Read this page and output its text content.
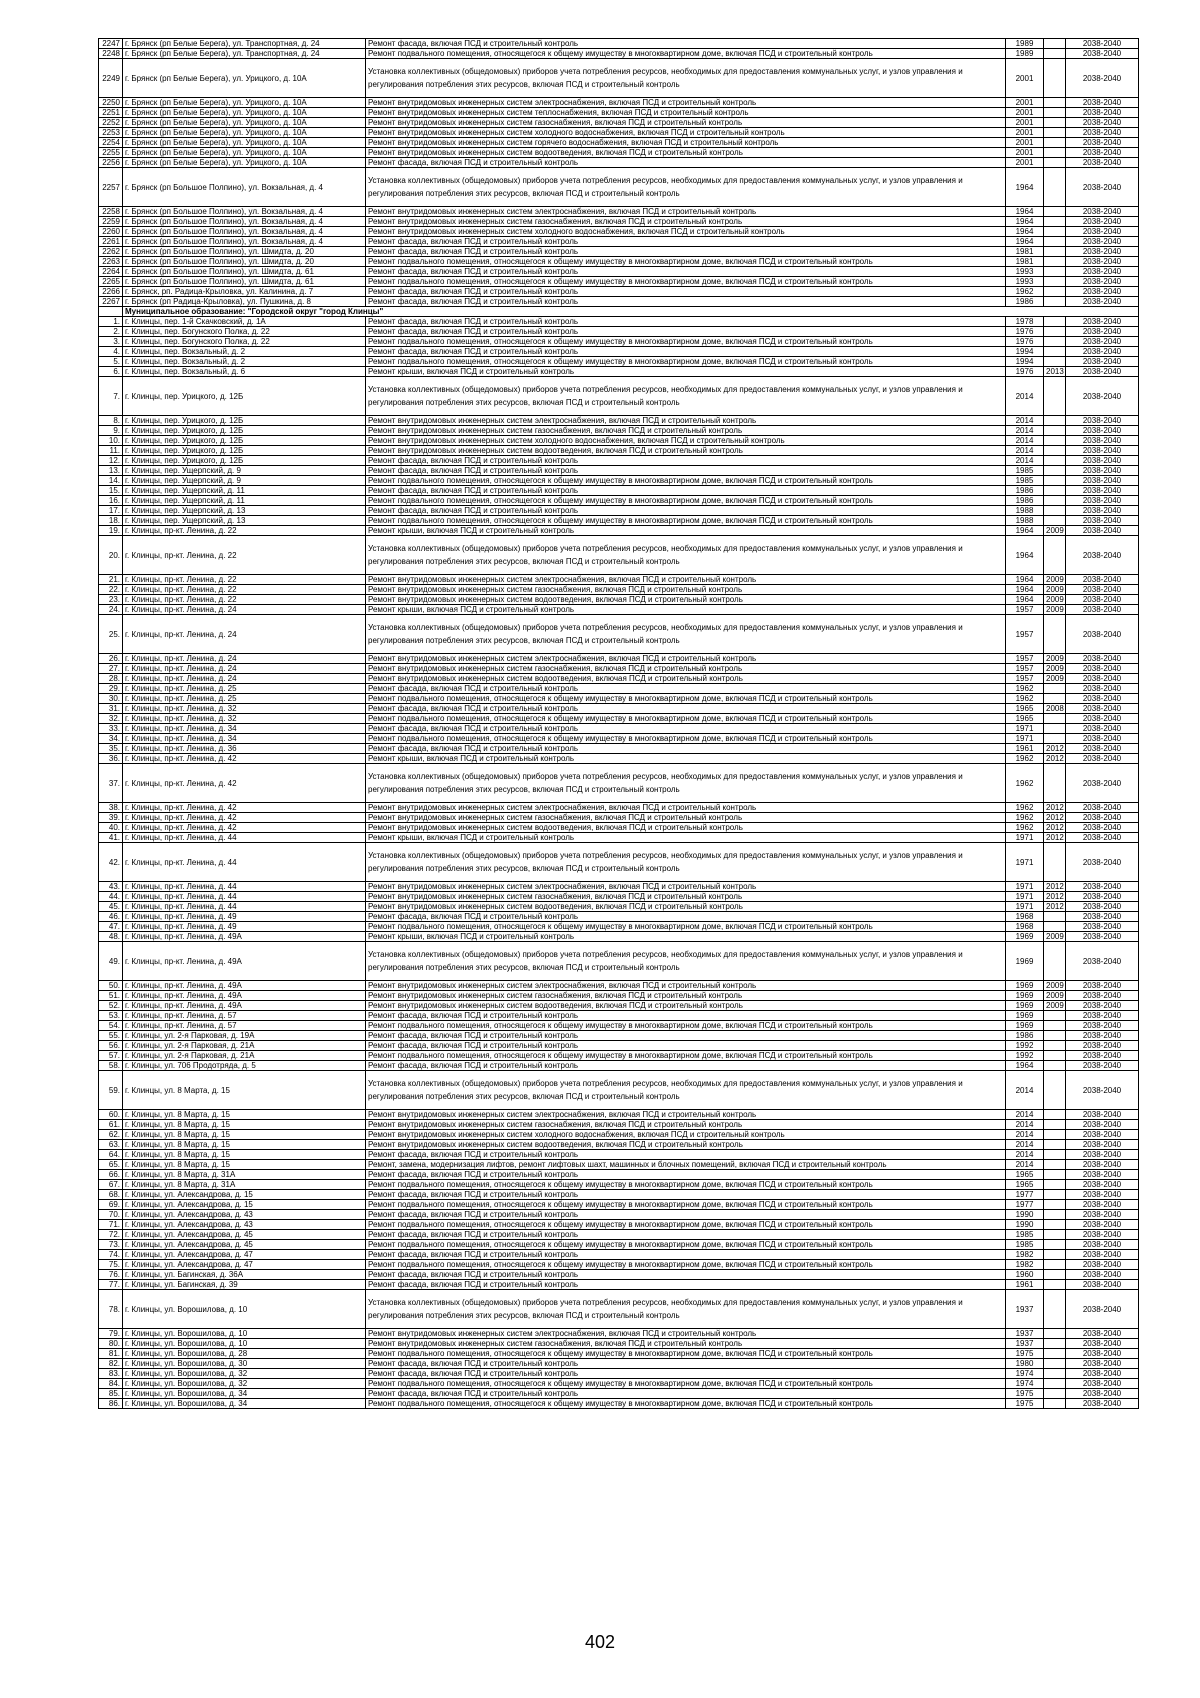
2247	г. Брянск (рп Белые Берега), ул. Транспортная, д. 24	Ремонт фасада, включая ПСД и строительный контроль	1989		2038-2040
2248	г. Брянск (рп Белые Берега), ул. Транспортная, д. 24	Ремонт подвального помещения, относящегося к общему имуществу в многоквартирном доме, включая ПСД и строительный контроль	1989		2038-2040
2249	г. Брянск (рп Белые Берега), ул. Урицкого, д. 10А	Установка коллективных (общедомовых) приборов учета потребления ресурсов, необходимых для предоставления коммунальных услуг, и узлов управления и регулирования потребления этих ресурсов, включая ПСД и строительный контроль	2001		2038-2040
2250	г. Брянск (рп Белые Берега), ул. Урицкого, д. 10А	Ремонт внутридомовых инженерных систем электроснабжения, включая ПСД и строительный контроль	2001		2038-2040
2251	г. Брянск (рп Белые Берега), ул. Урицкого, д. 10А	Ремонт внутридомовых инженерных систем теплоснабжения, включая ПСД и строительный контроль	2001		2038-2040
2252	г. Брянск (рп Белые Берега), ул. Урицкого, д. 10А	Ремонт внутридомовых инженерных систем газоснабжения, включая ПСД и строительный контроль	2001		2038-2040
2253	г. Брянск (рп Белые Берега), ул. Урицкого, д. 10А	Ремонт внутридомовых инженерных систем холодного водоснабжения, включая ПСД и строительный контроль	2001		2038-2040
2254	г. Брянск (рп Белые Берега), ул. Урицкого, д. 10А	Ремонт внутридомовых инженерных систем горячего водоснабжения, включая ПСД и строительный контроль	2001		2038-2040
2255	г. Брянск (рп Белые Берега), ул. Урицкого, д. 10А	Ремонт внутридомовых инженерных систем водоотведения, включая ПСД и строительный контроль	2001		2038-2040
2256	г. Брянск (рп Белые Берега), ул. Урицкого, д. 10А	Ремонт фасада, включая ПСД и строительный контроль	2001		2038-2040
2257	г. Брянск (рп Большое Полпино), ул. Вокзальная, д. 4	Установка коллективных (общедомовых) приборов учета потребления ресурсов, необходимых для предоставления коммунальных услуг, и узлов управления и регулирования потребления этих ресурсов, включая ПСД и строительный контроль	1964		2038-2040
2258	г. Брянск (рп Большое Полпино), ул. Вокзальная, д. 4	Ремонт внутридомовых инженерных систем электроснабжения, включая ПСД и строительный контроль	1964		2038-2040
2259	г. Брянск (рп Большое Полпино), ул. Вокзальная, д. 4	Ремонт внутридомовых инженерных систем газоснабжения, включая ПСД и строительный контроль	1964		2038-2040
2260	г. Брянск (рп Большое Полпино), ул. Вокзальная, д. 4	Ремонт внутридомовых инженерных систем холодного водоснабжения, включая ПСД и строительный контроль	1964		2038-2040
2261	г. Брянск (рп Большое Полпино), ул. Вокзальная, д. 4	Ремонт фасада, включая ПСД и строительный контроль	1964		2038-2040
2262	г. Брянск (рп Большое Полпино), ул. Шмидта, д. 20	Ремонт фасада, включая ПСД и строительный контроль	1981		2038-2040
2263	г. Брянск (рп Большое Полпино), ул. Шмидта, д. 20	Ремонт подвального помещения, относящегося к общему имуществу в многоквартирном доме, включая ПСД и строительный контроль	1981		2038-2040
2264	г. Брянск (рп Большое Полпино), ул. Шмидта, д. 61	Ремонт фасада, включая ПСД и строительный контроль	1993		2038-2040
2265	г. Брянск (рп Большое Полпино), ул. Шмидта, д. 61	Ремонт подвального помещения, относящегося к общему имуществу в многоквартирном доме, включая ПСД и строительный контроль	1993		2038-2040
2266	г. Брянск, рп. Радица-Крыловка, ул. Калинина, д. 7	Ремонт фасада, включая ПСД и строительный контроль	1962		2038-2040
2267	г. Брянск (рп Радица-Крыловка), ул. Пушкина, д. 8	Ремонт фасада, включая ПСД и строительный контроль	1986		2038-2040
	Муниципальное образование: "Городской округ "город Клинцы"				
1.	г. Клинцы, пер. 1-й Скачковский, д. 1А	Ремонт фасада, включая ПСД и строительный контроль	1978		2038-2040
2.	г. Клинцы, пер. Богунского Полка, д. 22	Ремонт фасада, включая ПСД и строительный контроль	1976		2038-2040
3.	г. Клинцы, пер. Богунского Полка, д. 22	Ремонт подвального помещения, относящегося к общему имуществу в многоквартирном доме, включая ПСД и строительный контроль	1976		2038-2040
4.	г. Клинцы, пер. Вокзальный, д. 2	Ремонт фасада, включая ПСД и строительный контроль	1994		2038-2040
5.	г. Клинцы, пер. Вокзальный, д. 2	Ремонт подвального помещения, относящегося к общему имуществу в многоквартирном доме, включая ПСД и строительный контроль	1994		2038-2040
6.	г. Клинцы, пер. Вокзальный, д. 6	Ремонт крыши, включая ПСД и строительный контроль	1976	2013	2038-2040
7.	г. Клинцы, пер. Урицкого, д. 12Б	Установка коллективных (общедомовых) приборов учета потребления ресурсов, необходимых для предоставления коммунальных услуг, и узлов управления и регулирования потребления этих ресурсов, включая ПСД и строительный контроль	2014		2038-2040
8.	г. Клинцы, пер. Урицкого, д. 12Б	Ремонт внутридомовых инженерных систем электроснабжения, включая ПСД и строительный контроль	2014		2038-2040
9.	г. Клинцы, пер. Урицкого, д. 12Б	Ремонт внутридомовых инженерных систем газоснабжения, включая ПСД и строительный контроль	2014		2038-2040
10.	г. Клинцы, пер. Урицкого, д. 12Б	Ремонт внутридомовых инженерных систем холодного водоснабжения, включая ПСД и строительный контроль	2014		2038-2040
11.	г. Клинцы, пер. Урицкого, д. 12Б	Ремонт внутридомовых инженерных систем водоотведения, включая ПСД и строительный контроль	2014		2038-2040
12.	г. Клинцы, пер. Урицкого, д. 12Б	Ремонт фасада, включая ПСД и строительный контроль	2014		2038-2040
13.	г. Клинцы, пер. Ущерпский, д. 9	Ремонт фасада, включая ПСД и строительный контроль	1985		2038-2040
14.	г. Клинцы, пер. Ущерпский, д. 9	Ремонт подвального помещения, относящегося к общему имуществу в многоквартирном доме, включая ПСД и строительный контроль	1985		2038-2040
15.	г. Клинцы, пер. Ущерпский, д. 11	Ремонт фасада, включая ПСД и строительный контроль	1986		2038-2040
16.	г. Клинцы, пер. Ущерпский, д. 11	Ремонт подвального помещения, относящегося к общему имуществу в многоквартирном доме, включая ПСД и строительный контроль	1986		2038-2040
17.	г. Клинцы, пер. Ущерпский, д. 13	Ремонт фасада, включая ПСД и строительный контроль	1988		2038-2040
18.	г. Клинцы, пер. Ущерпский, д. 13	Ремонт подвального помещения, относящегося к общему имуществу в многоквартирном доме, включая ПСД и строительный контроль	1988		2038-2040
19.	г. Клинцы, пр-кт. Ленина, д. 22	Ремонт крыши, включая ПСД и строительный контроль	1964	2009	2038-2040
20.	г. Клинцы, пр-кт. Ленина, д. 22	Установка коллективных (общедомовых) приборов учета потребления ресурсов, необходимых для предоставления коммунальных услуг, и узлов управления и регулирования потребления этих ресурсов, включая ПСД и строительный контроль	1964		2038-2040
21.	г. Клинцы, пр-кт. Ленина, д. 22	Ремонт внутридомовых инженерных систем электроснабжения, включая ПСД и строительный контроль	1964	2009	2038-2040
22.	г. Клинцы, пр-кт. Ленина, д. 22	Ремонт внутридомовых инженерных систем газоснабжения, включая ПСД и строительный контроль	1964	2009	2038-2040
23.	г. Клинцы, пр-кт. Ленина, д. 22	Ремонт внутридомовых инженерных систем водоотведения, включая ПСД и строительный контроль	1964	2009	2038-2040
24.	г. Клинцы, пр-кт. Ленина, д. 24	Ремонт крыши, включая ПСД и строительный контроль	1957	2009	2038-2040
25.	г. Клинцы, пр-кт. Ленина, д. 24	Установка коллективных (общедомовых) приборов учета потребления ресурсов, необходимых для предоставления коммунальных услуг, и узлов управления и регулирования потребления этих ресурсов, включая ПСД и строительный контроль	1957		2038-2040
26.	г. Клинцы, пр-кт. Ленина, д. 24	Ремонт внутридомовых инженерных систем электроснабжения, включая ПСД и строительный контроль	1957	2009	2038-2040
27.	г. Клинцы, пр-кт. Ленина, д. 24	Ремонт внутридомовых инженерных систем газоснабжения, включая ПСД и строительный контроль	1957	2009	2038-2040
28.	г. Клинцы, пр-кт. Ленина, д. 24	Ремонт внутридомовых инженерных систем водоотведения, включая ПСД и строительный контроль	1957	2009	2038-2040
29.	г. Клинцы, пр-кт. Ленина, д. 25	Ремонт фасада, включая ПСД и строительный контроль	1962		2038-2040
30.	г. Клинцы, пр-кт. Ленина, д. 25	Ремонт подвального помещения, относящегося к общему имуществу в многоквартирном доме, включая ПСД и строительный контроль	1962		2038-2040
31.	г. Клинцы, пр-кт. Ленина, д. 32	Ремонт фасада, включая ПСД и строительный контроль	1965	2008	2038-2040
32.	г. Клинцы, пр-кт. Ленина, д. 32	Ремонт подвального помещения, относящегося к общему имуществу в многоквартирном доме, включая ПСД и строительный контроль	1965		2038-2040
33.	г. Клинцы, пр-кт. Ленина, д. 34	Ремонт фасада, включая ПСД и строительный контроль	1971		2038-2040
34.	г. Клинцы, пр-кт. Ленина, д. 34	Ремонт подвального помещения, относящегося к общему имуществу в многоквартирном доме, включая ПСД и строительный контроль	1971		2038-2040
35.	г. Клинцы, пр-кт. Ленина, д. 36	Ремонт фасада, включая ПСД и строительный контроль	1961	2012	2038-2040
36.	г. Клинцы, пр-кт. Ленина, д. 42	Ремонт крыши, включая ПСД и строительный контроль	1962	2012	2038-2040
37.	г. Клинцы, пр-кт. Ленина, д. 42	Установка коллективных (общедомовых) приборов учета потребления ресурсов, необходимых для предоставления коммунальных услуг, и узлов управления и регулирования потребления этих ресурсов, включая ПСД и строительный контроль	1962		2038-2040
38.	г. Клинцы, пр-кт. Ленина, д. 42	Ремонт внутридомовых инженерных систем электроснабжения, включая ПСД и строительный контроль	1962	2012	2038-2040
39.	г. Клинцы, пр-кт. Ленина, д. 42	Ремонт внутридомовых инженерных систем газоснабжения, включая ПСД и строительный контроль	1962	2012	2038-2040
40.	г. Клинцы, пр-кт. Ленина, д. 42	Ремонт внутридомовых инженерных систем водоотведения, включая ПСД и строительный контроль	1962	2012	2038-2040
41.	г. Клинцы, пр-кт. Ленина, д. 44	Ремонт крыши, включая ПСД и строительный контроль	1971	2012	2038-2040
42.	г. Клинцы, пр-кт. Ленина, д. 44	Установка коллективных (общедомовых) приборов учета потребления ресурсов, необходимых для предоставления коммунальных услуг, и узлов управления и регулирования потребления этих ресурсов, включая ПСД и строительный контроль	1971		2038-2040
43.	г. Клинцы, пр-кт. Ленина, д. 44	Ремонт внутридомовых инженерных систем электроснабжения, включая ПСД и строительный контроль	1971	2012	2038-2040
44.	г. Клинцы, пр-кт. Ленина, д. 44	Ремонт внутридомовых инженерных систем газоснабжения, включая ПСД и строительный контроль	1971	2012	2038-2040
45.	г. Клинцы, пр-кт. Ленина, д. 44	Ремонт внутридомовых инженерных систем водоотведения, включая ПСД и строительный контроль	1971	2012	2038-2040
46.	г. Клинцы, пр-кт. Ленина, д. 49	Ремонт фасада, включая ПСД и строительный контроль	1968		2038-2040
47.	г. Клинцы, пр-кт. Ленина, д. 49	Ремонт подвального помещения, относящегося к общему имуществу в многоквартирном доме, включая ПСД и строительный контроль	1968		2038-2040
48.	г. Клинцы, пр-кт. Ленина, д. 49А	Ремонт крыши, включая ПСД и строительный контроль	1969	2009	2038-2040
49.	г. Клинцы, пр-кт. Ленина, д. 49А	Установка коллективных (общедомовых) приборов учета потребления ресурсов, необходимых для предоставления коммунальных услуг, и узлов управления и регулирования потребления этих ресурсов, включая ПСД и строительный контроль	1969		2038-2040
50.	г. Клинцы, пр-кт. Ленина, д. 49А	Ремонт внутридомовых инженерных систем электроснабжения, включая ПСД и строительный контроль	1969	2009	2038-2040
51.	г. Клинцы, пр-кт. Ленина, д. 49А	Ремонт внутридомовых инженерных систем газоснабжения, включая ПСД и строительный контроль	1969	2009	2038-2040
52.	г. Клинцы, пр-кт. Ленина, д. 49А	Ремонт внутридомовых инженерных систем водоотведения, включая ПСД и строительный контроль	1969	2009	2038-2040
53.	г. Клинцы, пр-кт. Ленина, д. 57	Ремонт фасада, включая ПСД и строительный контроль	1969		2038-2040
54.	г. Клинцы, пр-кт. Ленина, д. 57	Ремонт подвального помещения, относящегося к общему имуществу в многоквартирном доме, включая ПСД и строительный контроль	1969		2038-2040
55.	г. Клинцы, ул. 2-я Парковая, д. 19А	Ремонт фасада, включая ПСД и строительный контроль	1986		2038-2040
56.	г. Клинцы, ул. 2-я Парковая, д. 21А	Ремонт фасада, включая ПСД и строительный контроль	1992		2038-2040
57.	г. Клинцы, ул. 2-я Парковая, д. 21А	Ремонт подвального помещения, относящегося к общему имуществу в многоквартирном доме, включая ПСД и строительный контроль	1992		2038-2040
58.	г. Клинцы, ул. 706 Продотряда, д. 5	Ремонт фасада, включая ПСД и строительный контроль	1964		2038-2040
59.	г. Клинцы, ул. 8 Марта, д. 15	Установка коллективных (общедомовых) приборов учета потребления ресурсов, необходимых для предоставления коммунальных услуг, и узлов управления и регулирования потребления этих ресурсов, включая ПСД и строительный контроль	2014		2038-2040
60.	г. Клинцы, ул. 8 Марта, д. 15	Ремонт внутридомовых инженерных систем электроснабжения, включая ПСД и строительный контроль	2014		2038-2040
61.	г. Клинцы, ул. 8 Марта, д. 15	Ремонт внутридомовых инженерных систем газоснабжения, включая ПСД и строительный контроль	2014		2038-2040
62.	г. Клинцы, ул. 8 Марта, д. 15	Ремонт внутридомовых инженерных систем холодного водоснабжения, включая ПСД и строительный контроль	2014		2038-2040
63.	г. Клинцы, ул. 8 Марта, д. 15	Ремонт внутридомовых инженерных систем водоотведения, включая ПСД и строительный контроль	2014		2038-2040
64.	г. Клинцы, ул. 8 Марта, д. 15	Ремонт фасада, включая ПСД и строительный контроль	2014		2038-2040
65.	г. Клинцы, ул. 8 Марта, д. 15	Ремонт, замена, модернизация лифтов, ремонт лифтовых шахт, машинных и блочных помещений, включая ПСД и строительный контроль	2014		2038-2040
66.	г. Клинцы, ул. 8 Марта, д. 31А	Ремонт фасада, включая ПСД и строительный контроль	1965		2038-2040
67.	г. Клинцы, ул. 8 Марта, д. 31А	Ремонт подвального помещения, относящегося к общему имуществу в многоквартирном доме, включая ПСД и строительный контроль	1965		2038-2040
68.	г. Клинцы, ул. Александрова, д. 15	Ремонт фасада, включая ПСД и строительный контроль	1977		2038-2040
69.	г. Клинцы, ул. Александрова, д. 15	Ремонт подвального помещения, относящегося к общему имуществу в многоквартирном доме, включая ПСД и строительный контроль	1977		2038-2040
70.	г. Клинцы, ул. Александрова, д. 43	Ремонт фасада, включая ПСД и строительный контроль	1990		2038-2040
71.	г. Клинцы, ул. Александрова, д. 43	Ремонт подвального помещения, относящегося к общему имуществу в многоквартирном доме, включая ПСД и строительный контроль	1990		2038-2040
72.	г. Клинцы, ул. Александрова, д. 45	Ремонт фасада, включая ПСД и строительный контроль	1985		2038-2040
73.	г. Клинцы, ул. Александрова, д. 45	Ремонт подвального помещения, относящегося к общему имуществу в многоквартирном доме, включая ПСД и строительный контроль	1985		2038-2040
74.	г. Клинцы, ул. Александрова, д. 47	Ремонт фасада, включая ПСД и строительный контроль	1982		2038-2040
75.	г. Клинцы, ул. Александрова, д. 47	Ремонт подвального помещения, относящегося к общему имуществу в многоквартирном доме, включая ПСД и строительный контроль	1982		2038-2040
76.	г. Клинцы, ул. Багинская, д. 36А	Ремонт фасада, включая ПСД и строительный контроль	1960		2038-2040
77.	г. Клинцы, ул. Багинская, д. 39	Ремонт фасада, включая ПСД и строительный контроль	1961		2038-2040
78.	г. Клинцы, ул. Ворошилова, д. 10	Установка коллективных (общедомовых) приборов учета потребления ресурсов, необходимых для предоставления коммунальных услуг, и узлов управления и регулирования потребления этих ресурсов, включая ПСД и строительный контроль	1937		2038-2040
79.	г. Клинцы, ул. Ворошилова, д. 10	Ремонт внутридомовых инженерных систем электроснабжения, включая ПСД и строительный контроль	1937		2038-2040
80.	г. Клинцы, ул. Ворошилова, д. 10	Ремонт внутридомовых инженерных систем газоснабжения, включая ПСД и строительный контроль	1937		2038-2040
81.	г. Клинцы, ул. Ворошилова, д. 28	Ремонт подвального помещения, относящегося к общему имуществу в многоквартирном доме, включая ПСД и строительный контроль	1975		2038-2040
82.	г. Клинцы, ул. Ворошилова, д. 30	Ремонт фасада, включая ПСД и строительный контроль	1980		2038-2040
83.	г. Клинцы, ул. Ворошилова, д. 32	Ремонт фасада, включая ПСД и строительный контроль	1974		2038-2040
84.	г. Клинцы, ул. Ворошилова, д. 32	Ремонт подвального помещения, относящегося к общему имуществу в многоквартирном доме, включая ПСД и строительный контроль	1974		2038-2040
85.	г. Клинцы, ул. Ворошилова, д. 34	Ремонт фасада, включая ПСД и строительный контроль	1975		2038-2040
86.	г. Клинцы, ул. Ворошилова, д. 34	Ремонт подвального помещения, относящегося к общему имуществу в многоквартирном доме, включая ПСД и строительный контроль	1975		2038-2040
402
